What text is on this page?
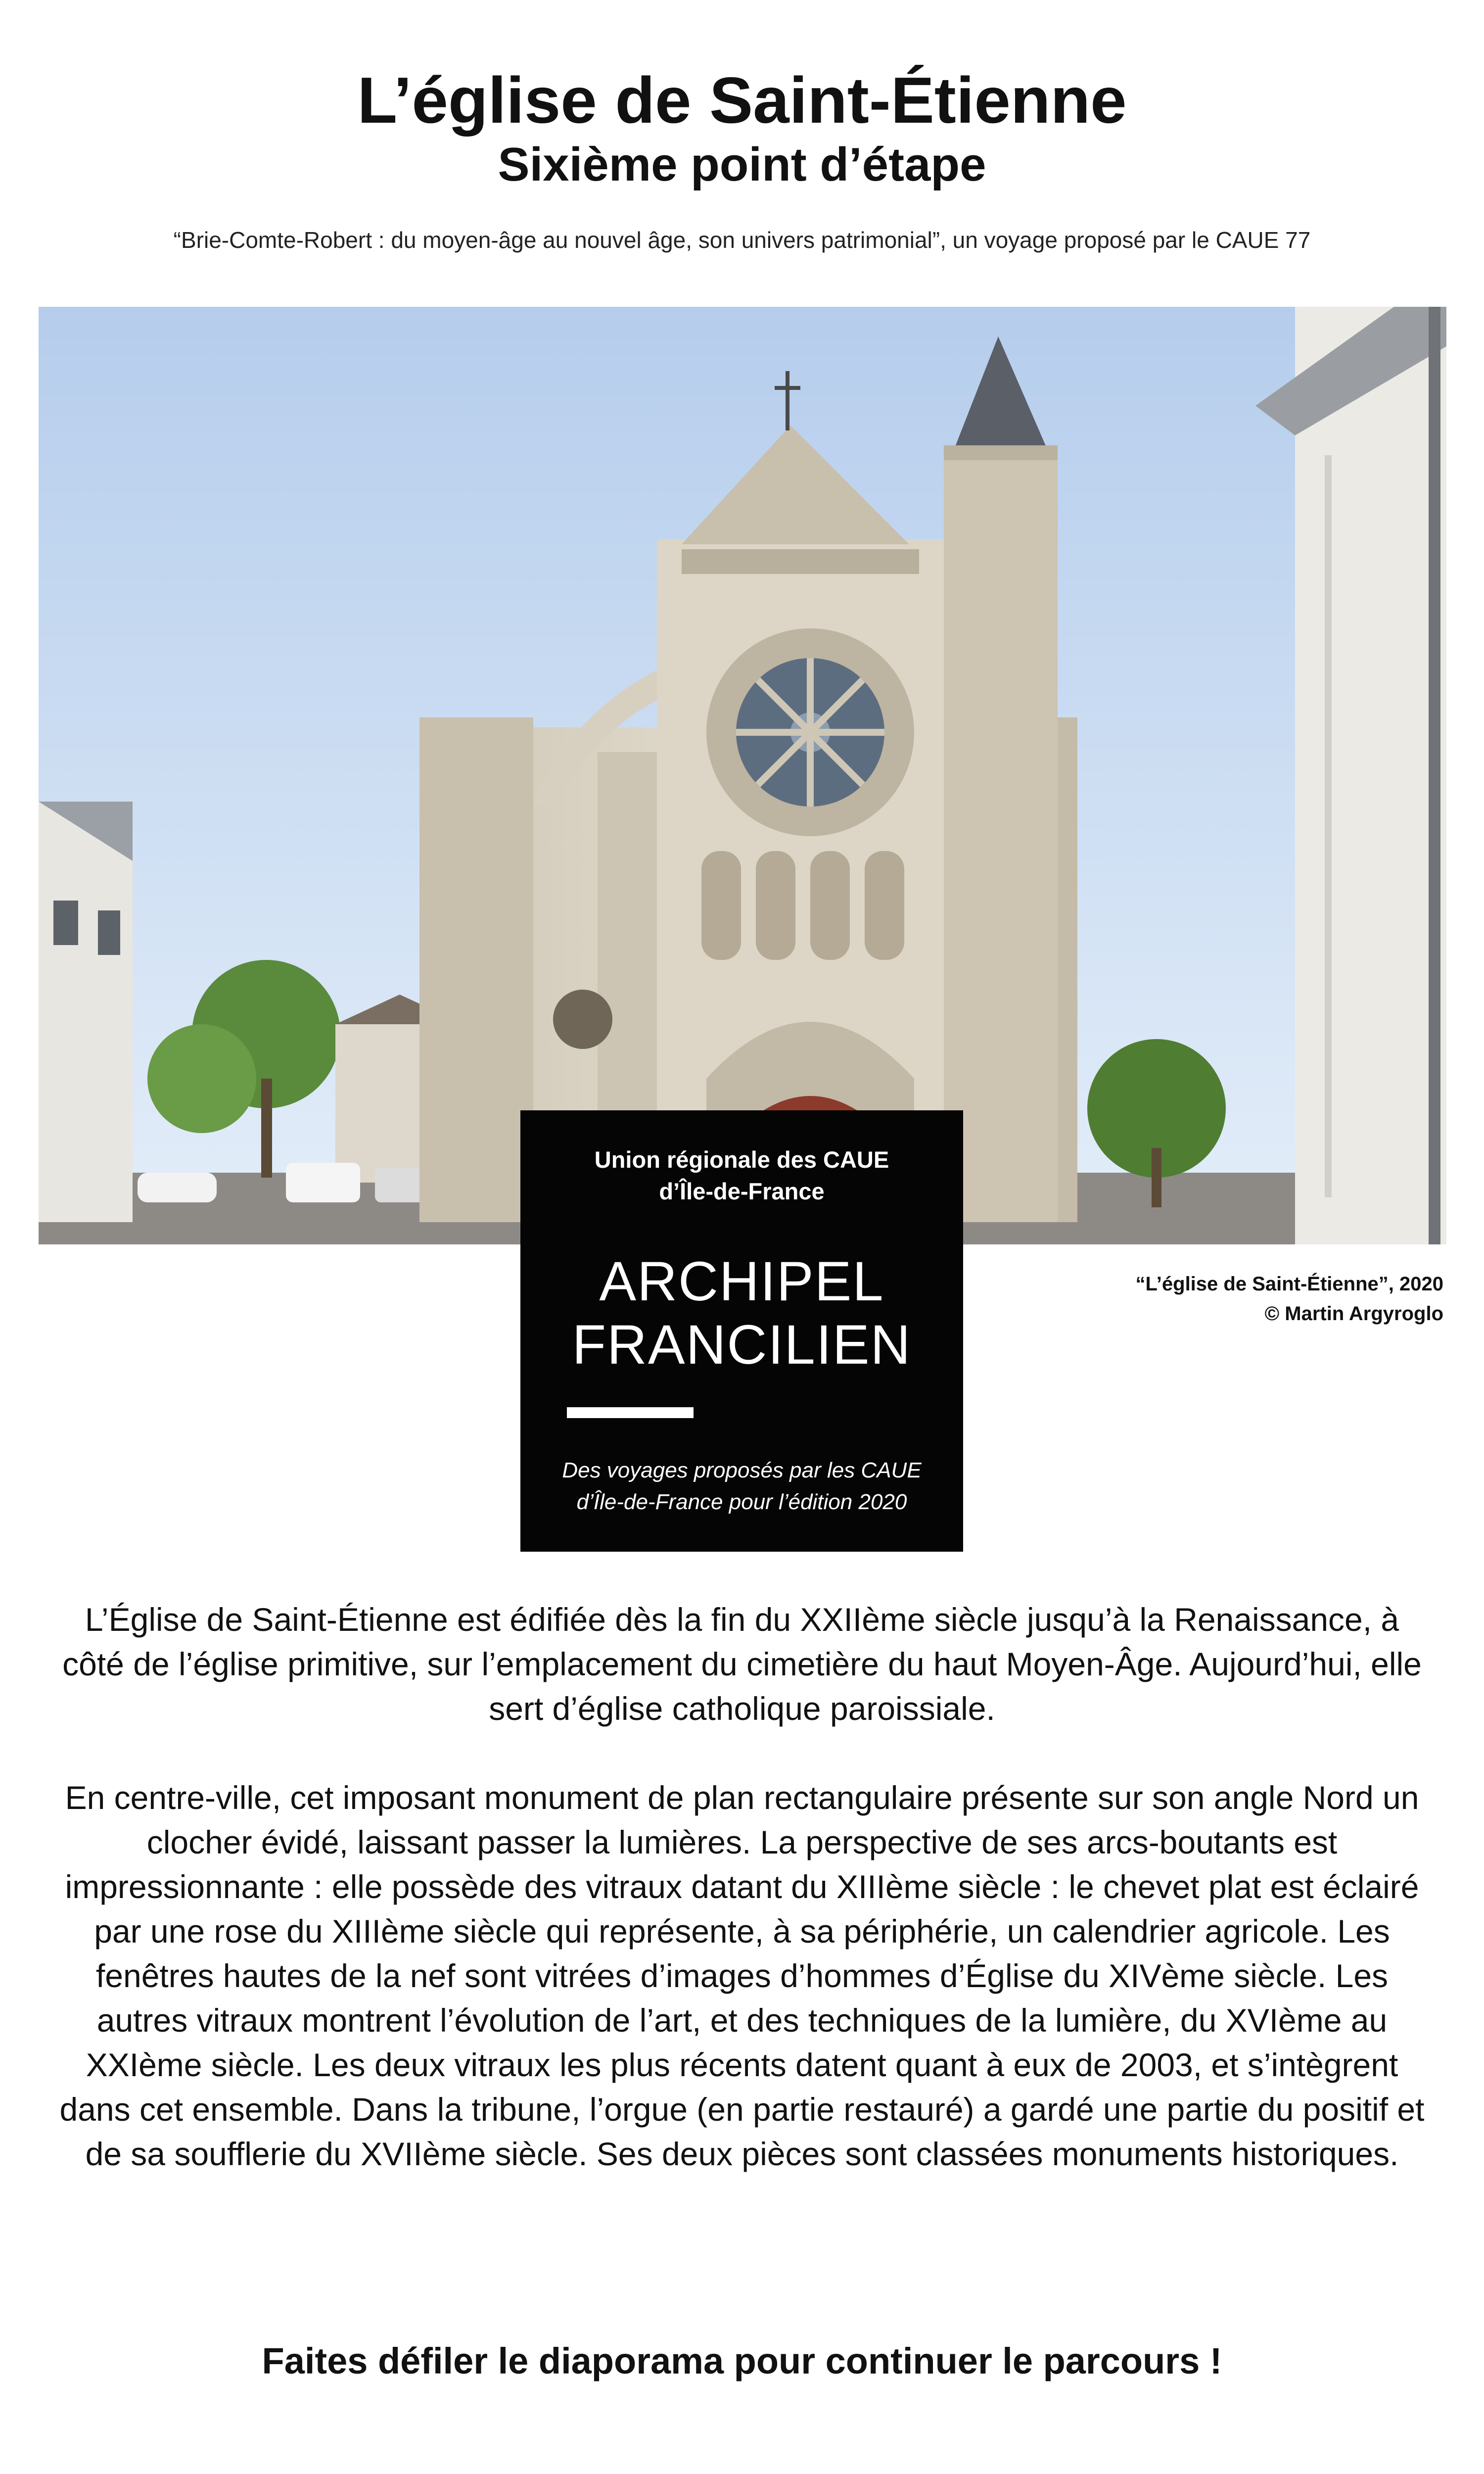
L’église de Saint-Étienne
Sixième point d’étape
“Brie-Comte-Robert : du moyen-âge au nouvel âge, son univers patrimonial”, un voyage proposé par le CAUE 77
“L’église de Saint-Étienne”, 2020
© Martin Argyroglo
Union régionale des CAUE
d’Île-de-France
ARCHIPEL
FRANCILIEN
Des voyages proposés par les CAUE
d’Île-de-France pour l’édition 2020

L’Église de Saint-Étienne est édifiée dès la fin du XXIIème siècle jusqu’à la Renaissance, à côté de l’église primitive, sur l’emplacement du cimetière du haut Moyen-Âge. Aujourd’hui, elle sert d’église catholique paroissiale.

En centre-ville, cet imposant monument de plan rectangulaire présente sur son angle Nord un clocher évidé, laissant passer la lumières. La perspective de ses arcs-boutants est impressionnante : elle possède des vitraux datant du XIIIème siècle : le chevet plat est éclairé par une rose du XIIIème siècle qui représente, à sa périphérie, un calendrier agricole. Les fenêtres hautes de la nef sont vitrées d’images d’hommes d’Église du XIVème siècle. Les autres vitraux montrent l’évolution de l’art, et des techniques de la lumière, du XVIème au XXIème siècle. Les deux vitraux les plus récents datent quant à eux de 2003, et s’intègrent dans cet ensemble. Dans la tribune, l’orgue (en partie restauré) a gardé une partie du positif et de sa soufflerie du XVIIème siècle. Ses deux pièces sont classées monuments historiques.

Faites défiler le diaporama pour continuer le parcours !
